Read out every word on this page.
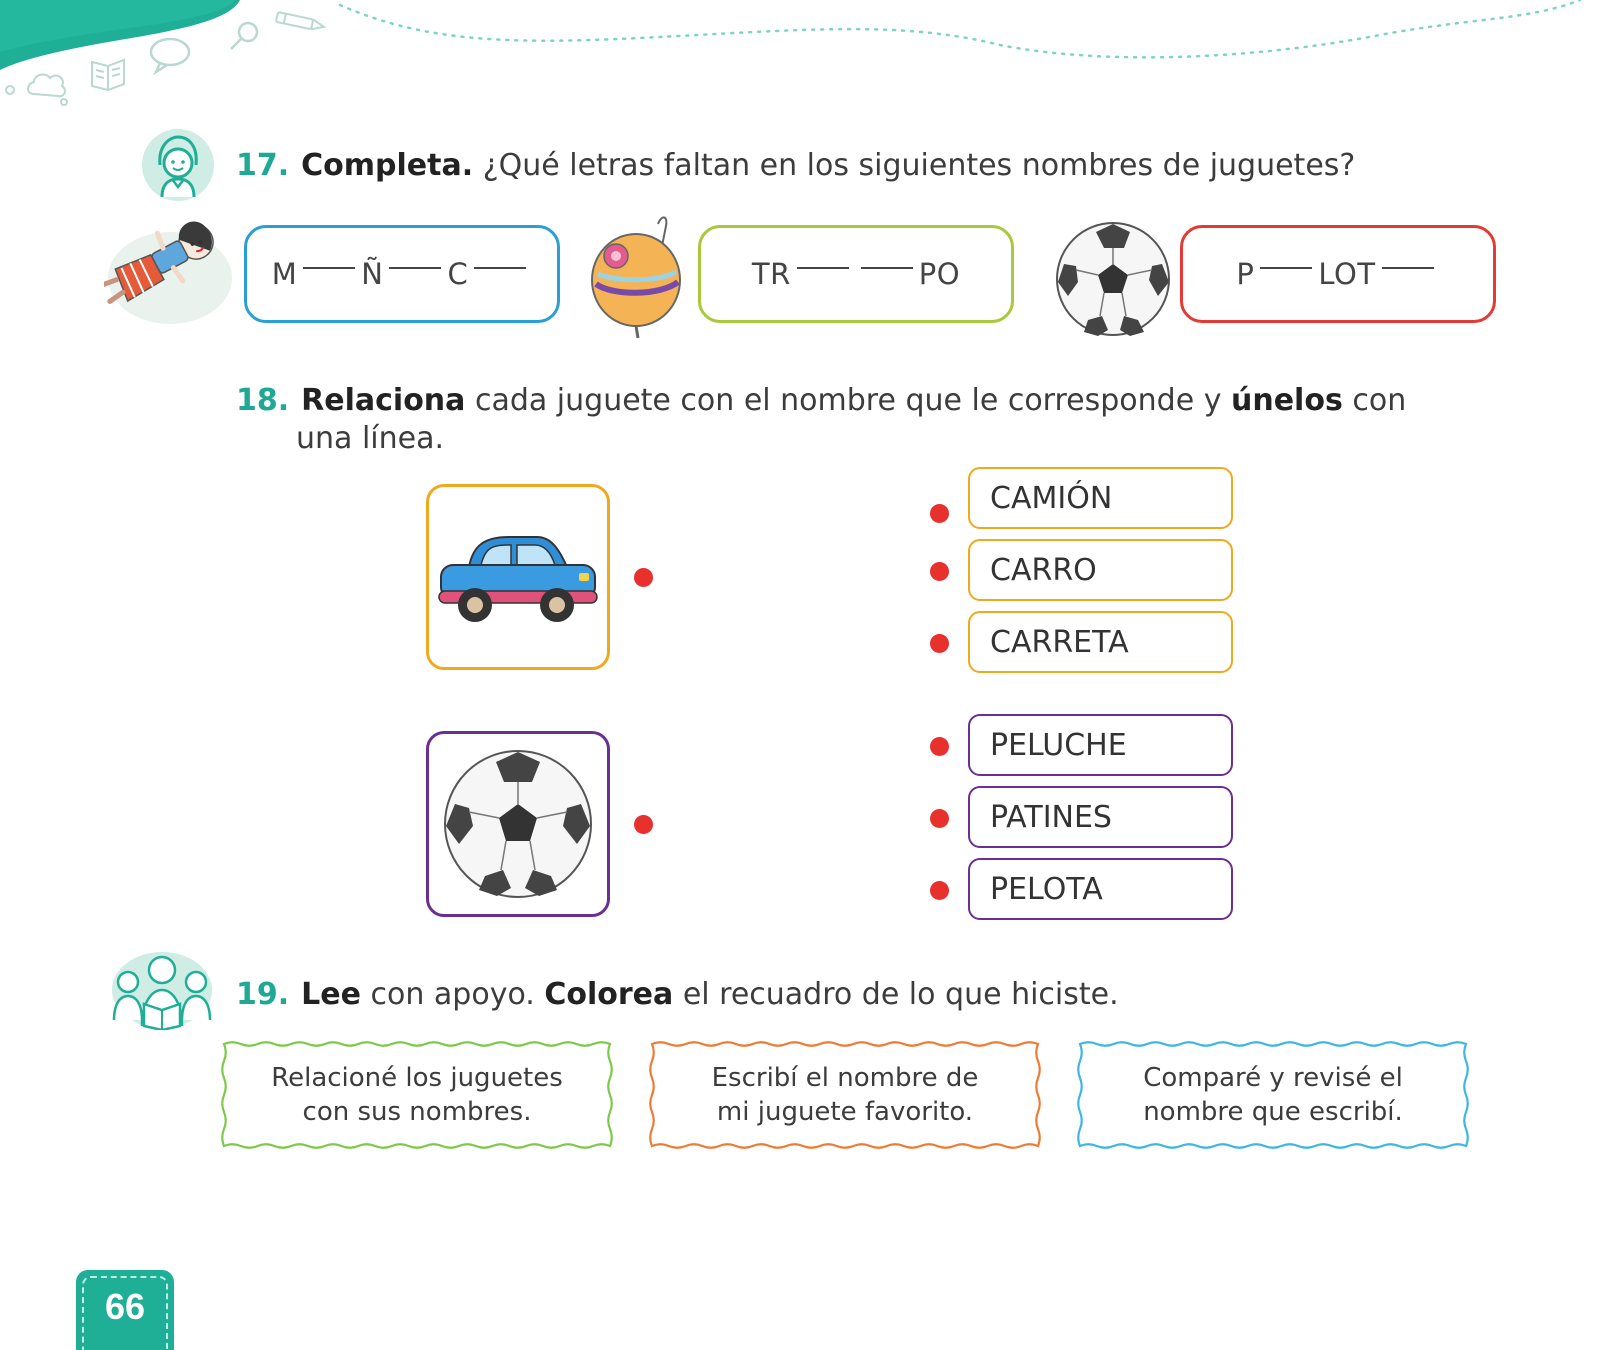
17. Completa. ¿Qué letras faltan en los siguientes nombres de juguetes?
M Ñ C	TR	PO	P LOT
18. Relaciona cada juguete con el nombre que le corresponde y únelos con
una línea.
CAMIÓN
CARRO
CARRETA
PELUCHE
PATINES
PELOTA
19. Lee con apoyo. Colorea el recuadro de lo que hiciste.
Relacioné los juguetes
con sus nombres.
Escribí el nombre de
mi juguete favorito.
Comparé y revisé el
nombre que escribí.
66
